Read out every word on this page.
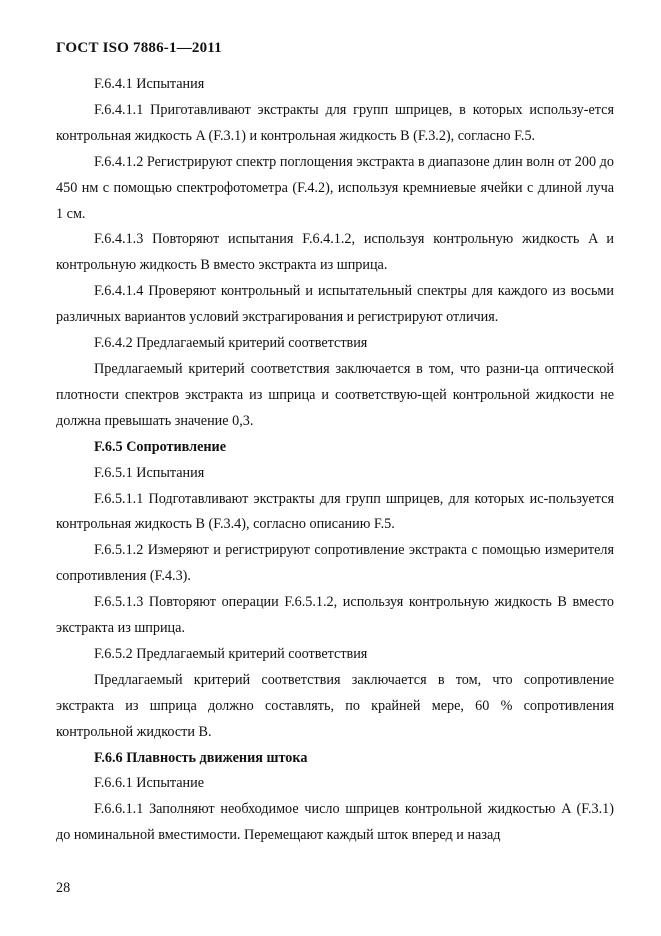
ГОСТ ISO 7886-1—2011

F.6.4.1 Испытания

F.6.4.1.1 Приготавливают экстракты для групп шприцев, в которых использу-ется контрольная жидкость A (F.3.1) и контрольная жидкость B (F.3.2), согласно F.5.

F.6.4.1.2 Регистрируют спектр поглощения экстракта в диапазоне длин волн от 200 до 450 нм с помощью спектрофотометра (F.4.2), используя кремниевые ячейки с длиной луча 1 см.

F.6.4.1.3 Повторяют испытания F.6.4.1.2, используя контрольную жидкость A и контрольную жидкость B вместо экстракта из шприца.

F.6.4.1.4 Проверяют контрольный и испытательный спектры для каждого из восьми различных вариантов условий экстрагирования и регистрируют отличия.

F.6.4.2 Предлагаемый критерий соответствия

Предлагаемый критерий соответствия заключается в том, что разни-ца оптической плотности спектров экстракта из шприца и соответствую-щей контрольной жидкости не должна превышать значение 0,3.

F.6.5 Сопротивление

F.6.5.1 Испытания

F.6.5.1.1 Подготавливают экстракты для групп шприцев, для которых ис-пользуется контрольная жидкость B (F.3.4), согласно описанию F.5.

F.6.5.1.2 Измеряют и регистрируют сопротивление экстракта с помощью измерителя сопротивления (F.4.3).

F.6.5.1.3 Повторяют операции F.6.5.1.2, используя контрольную жидкость B вместо экстракта из шприца.

F.6.5.2 Предлагаемый критерий соответствия

Предлагаемый критерий соответствия заключается в том, что сопротивление экстракта из шприца должно составлять, по крайней мере, 60 % сопротивления контрольной жидкости B.

F.6.6 Плавность движения штока

F.6.6.1 Испытание

F.6.6.1.1 Заполняют необходимое число шприцев контрольной жидкостью A (F.3.1) до номинальной вместимости. Перемещают каждый шток вперед и назад

28
